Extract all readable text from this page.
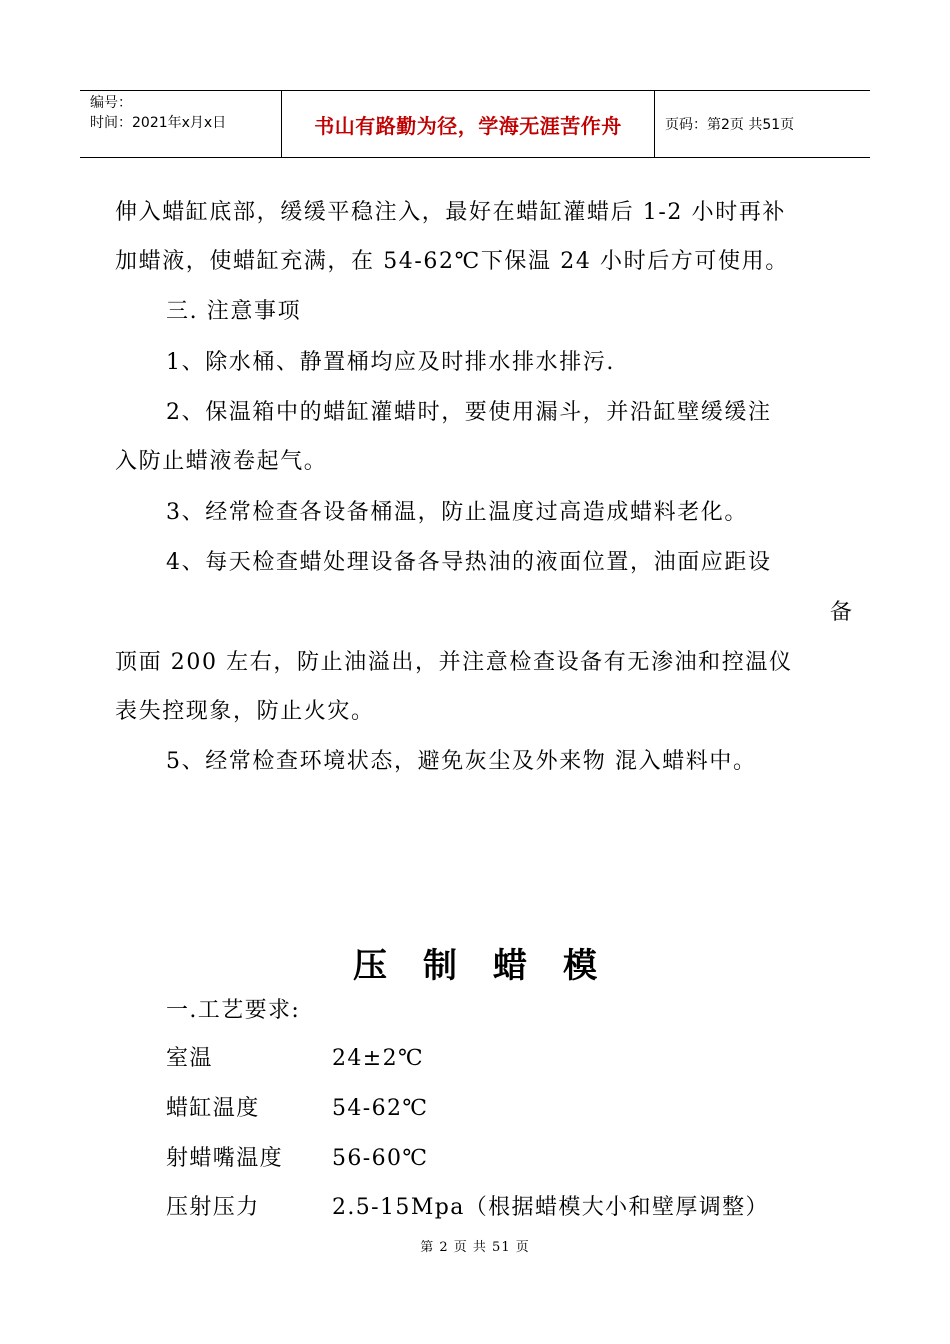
编号：
时间：2021年x月x日	书山有路勤为径，学海无涯苦作舟	页码：第2页 共51页
伸入蜡缸底部，缓缓平稳注入，最好在蜡缸灌蜡后 1-2 小时再补
加蜡液，使蜡缸充满，在 54-62℃下保温 24 小时后方可使用。
三. 注意事项
1、除水桶、静置桶均应及时排水排水排污.
2、保温箱中的蜡缸灌蜡时，要使用漏斗，并沿缸壁缓缓注
入防止蜡液卷起气。
3、经常检查各设备桶温，防止温度过高造成蜡料老化。
4、每天检查蜡处理设备各导热油的液面位置，油面应距设
备
顶面 200 左右，防止油溢出，并注意检查设备有无渗油和控温仪
表失控现象，防止火灾。
5、经常检查环境状态，避免灰尘及外来物 混入蜡料中。
压制蜡模
一.工艺要求:
室温	24±2℃
蜡缸温度	54-62℃
射蜡嘴温度 56-60℃
压射压力	2.5-15Mpa（根据蜡模大小和壁厚调整）
第 2 页 共 51 页
